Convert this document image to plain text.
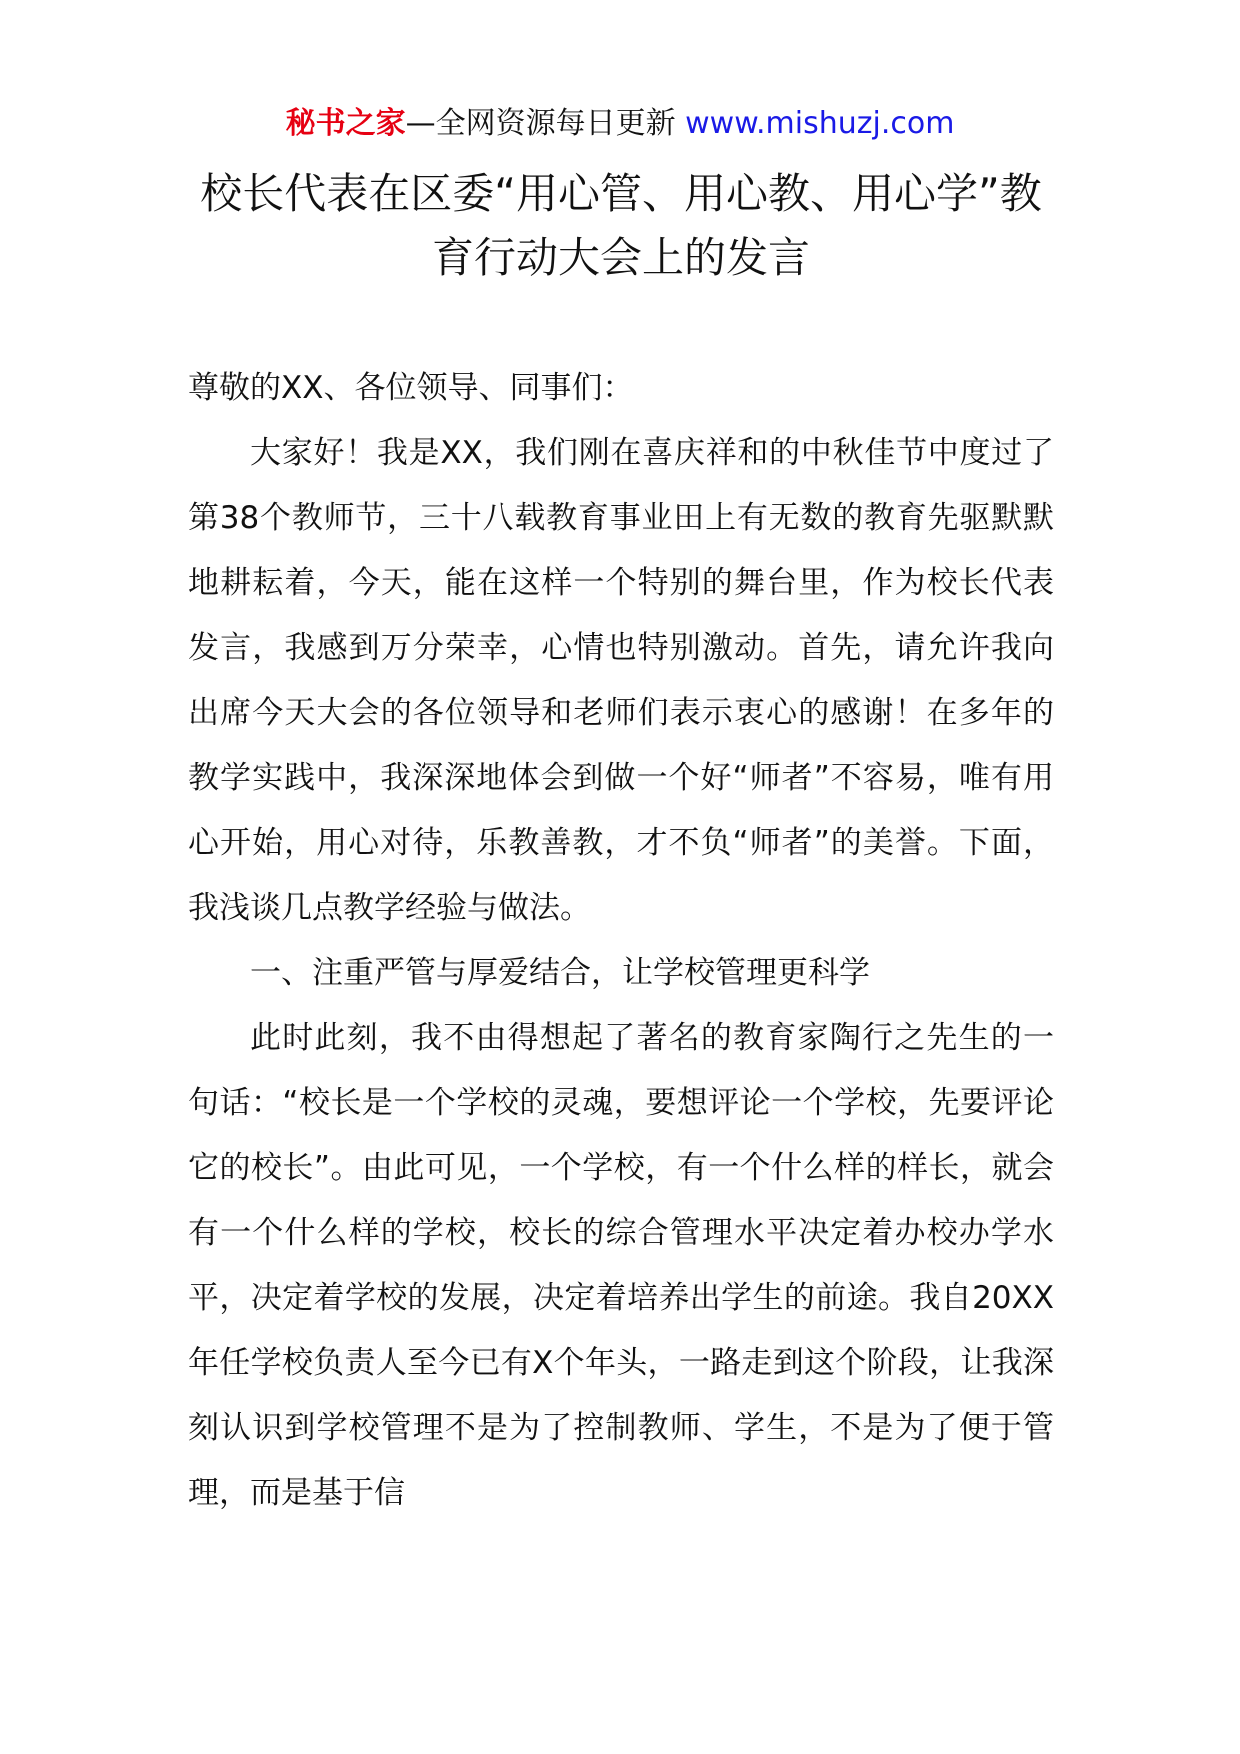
秘书之家—全网资源每日更新 www.mishuzj.com
校长代表在区委“用心管、用心教、用心学”教育行动大会上的发言

尊敬的XX、各位领导、同事们：

大家好！我是XX，我们刚在喜庆祥和的中秋佳节中度过了第38个教师节，三十八载教育事业田上有无数的教育先驱默默地耕耘着，今天，能在这样一个特别的舞台里，作为校长代表发言，我感到万分荣幸，心情也特别激动。首先，请允许我向出席今天大会的各位领导和老师们表示衷心的感谢！在多年的教学实践中，我深深地体会到做一个好“师者”不容易，唯有用心开始，用心对待，乐教善教，才不负“师者”的美誉。下面，我浅谈几点教学经验与做法。

一、注重严管与厚爱结合，让学校管理更科学

此时此刻，我不由得想起了著名的教育家陶行之先生的一句话：“校长是一个学校的灵魂，要想评论一个学校，先要评论它的校长”。由此可见，一个学校，有一个什么样的样长，就会有一个什么样的学校，校长的综合管理水平决定着办校办学水平，决定着学校的发展，决定着培养出学生的前途。我自20XX年任学校负责人至今已有X个年头，一路走到这个阶段，让我深刻认识到学校管理不是为了控制教师、学生，不是为了便于管理，而是基于信
